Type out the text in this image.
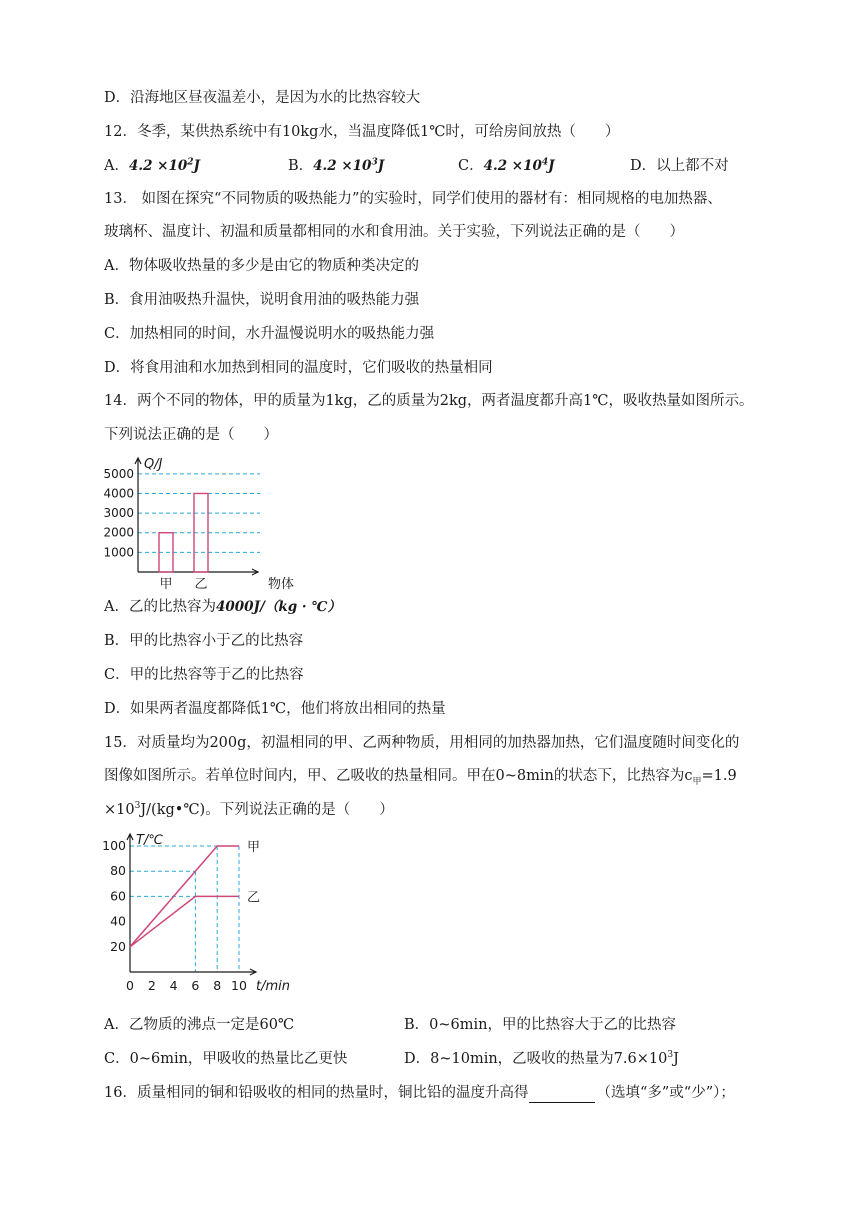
D．沿海地区昼夜温差小，是因为水的比热容较大
12．冬季，某供热系统中有10kg水，当温度降低1℃时，可给房间放热（　　）
A．$4.2 \times 10^2J$	B．$4.2 \times 10^3J$	C．$4.2 \times 10^4J$	D．以上都不对
13． 如图在探究“不同物质的吸热能力”的实验时，同学们使用的器材有：相同规格的电加热器、
玻璃杯、温度计、初温和质量都相同的水和食用油。关于实验，下列说法正确的是（　　）
A．物体吸收热量的多少是由它的物质种类决定的
B．食用油吸热升温快，说明食用油的吸热能力强
C．加热相同的时间，水升温慢说明水的吸热能力强
D．将食用油和水加热到相同的温度时，它们吸收的热量相同
14．两个不同的物体，甲的质量为1kg，乙的质量为2kg，两者温度都升高1℃，吸收热量如图所示。
下列说法正确的是（　　）
1000
2000
3000
4000
5000
Q/J
物体
甲 乙
A．乙的比热容为4000J/（kg · ℃）
B．甲的比热容小于乙的比热容
C．甲的比热容等于乙的比热容
D．如果两者温度都降低1℃，他们将放出相同的热量
15．对质量均为200g，初温相同的甲、乙两种物质，用相同的加热器加热，它们温度随时间变化的
图像如图所示。若单位时间内，甲、乙吸收的热量相同。甲在0~8min的状态下，比热容为$c_甲=1.9$
$\times 10^3J/(kg•℃)$。下列说法正确的是（　　）
T/℃
t/min
20
40
60
80
100
0 2 4 6 8 10
甲
乙
A．乙物质的沸点一定是60℃	B．0~6min，甲的比热容大于乙的比热容
C．0~6min，甲吸收的热量比乙更快	D．8~10min，乙吸收的热量为$7.6\times 10^3J$
16．质量相同的铜和铅吸收的相同的热量时，铜比铅的温度升高得	（选填“多”或“少”）；
